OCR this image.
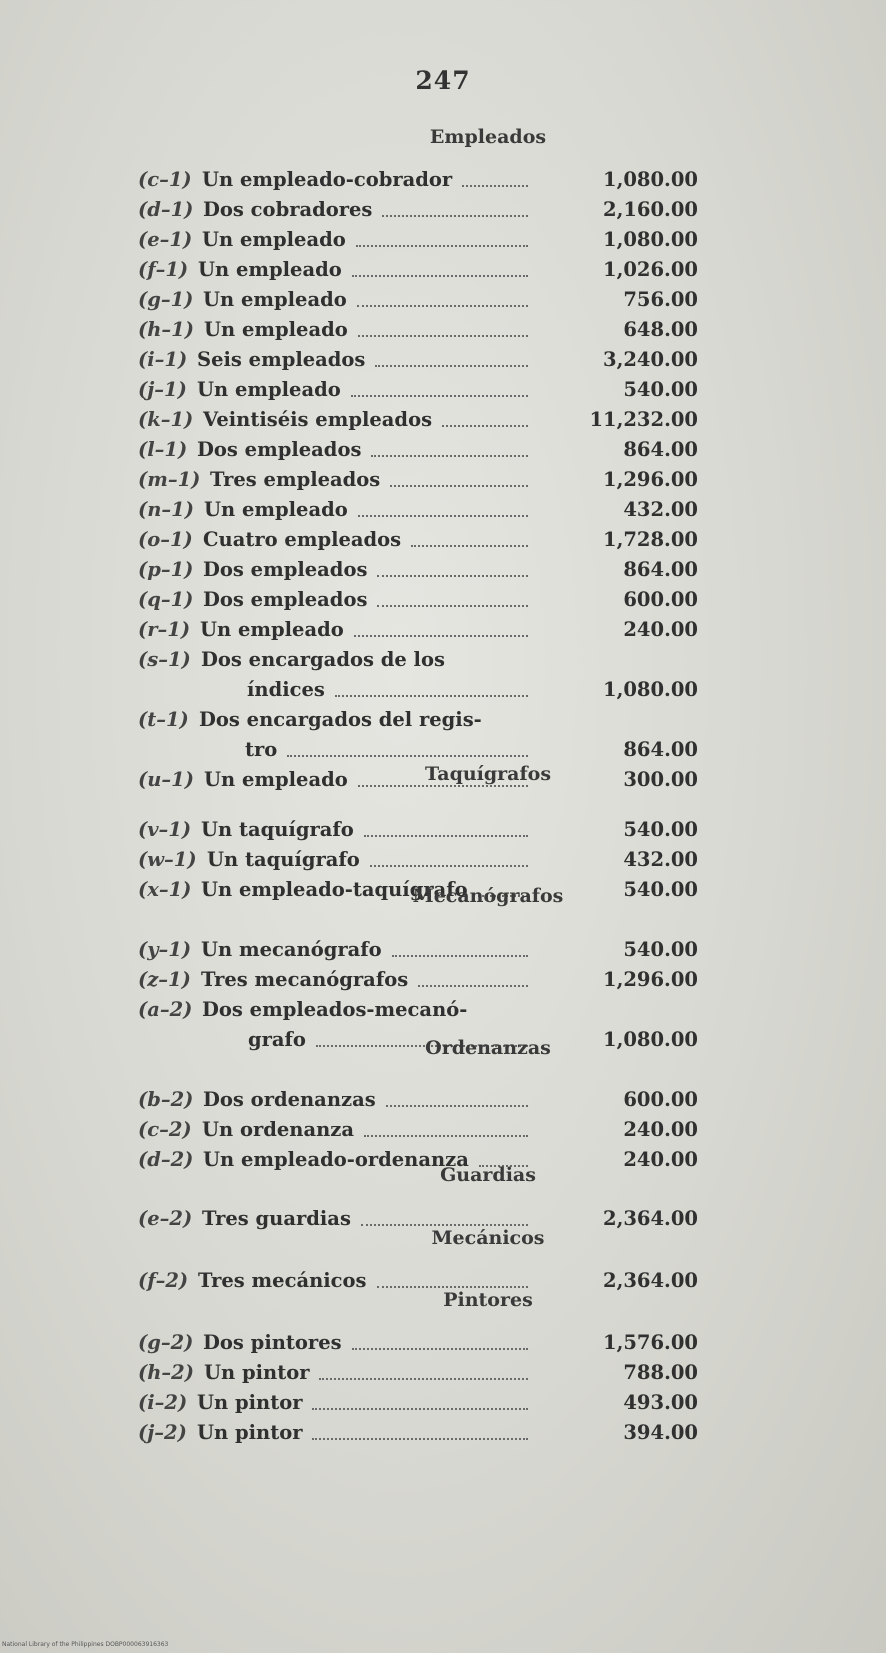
247
Empleados
(c–1) Un empleado-cobrador	1,080.00
(d–1) Dos cobradores	2,160.00
(e–1) Un empleado	1,080.00
(f–1) Un empleado	1,026.00
(g–1) Un empleado	756.00
(h–1) Un empleado	648.00
(i–1) Seis empleados	3,240.00
(j–1) Un empleado	540.00
(k–1) Veintiséis empleados	11,232.00
(l–1) Dos empleados	864.00
(m–1) Tres empleados	1,296.00
(n–1) Un empleado	432.00
(o–1) Cuatro empleados	1,728.00
(p–1) Dos empleados	864.00
(q–1) Dos empleados	600.00
(r–1) Un empleado	240.00
(s–1) Dos encargados de los
índices	1,080.00
(t–1) Dos encargados del regis-
tro	864.00
(u–1) Un empleado	300.00
Taquígrafos
(v–1) Un taquígrafo	540.00
(w–1) Un taquígrafo	432.00
(x–1) Un empleado-taquígrafo	540.00
Mecanógrafos
(y–1) Un mecanógrafo	540.00
(z–1) Tres mecanógrafos	1,296.00
(a–2) Dos empleados-mecanó-
grafo	1,080.00
Ordenanzas
(b–2) Dos ordenanzas	600.00
(c–2) Un ordenanza	240.00
(d–2) Un empleado-ordenanza	240.00
Guardias
(e–2) Tres guardias	2,364.00
Mecánicos
(f–2) Tres mecánicos	2,364.00
Pintores
(g–2) Dos pintores	1,576.00
(h–2) Un pintor	788.00
(i–2) Un pintor	493.00
(j–2) Un pintor	394.00
National Library of the Philippines DOBP000063916363
